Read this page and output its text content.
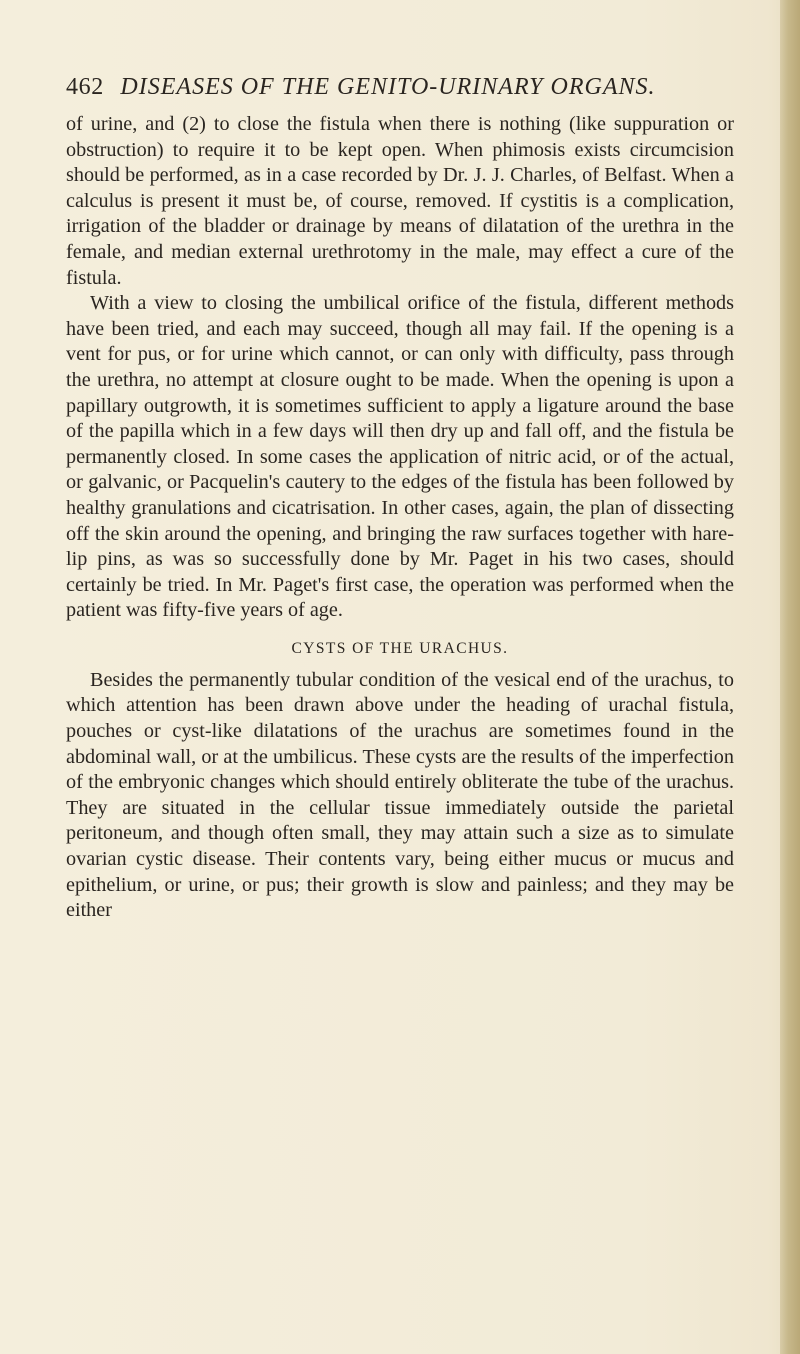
462 DISEASES OF THE GENITO-URINARY ORGANS.

of urine, and (2) to close the fistula when there is nothing (like suppuration or obstruction) to require it to be kept open. When phimosis exists circumcision should be performed, as in a case recorded by Dr. J. J. Charles, of Belfast. When a calculus is present it must be, of course, removed. If cystitis is a complication, irrigation of the bladder or drainage by means of dilatation of the urethra in the female, and median external urethrotomy in the male, may effect a cure of the fistula.

With a view to closing the umbilical orifice of the fistula, different methods have been tried, and each may succeed, though all may fail. If the opening is a vent for pus, or for urine which cannot, or can only with difficulty, pass through the urethra, no attempt at closure ought to be made. When the opening is upon a papillary outgrowth, it is sometimes sufficient to apply a ligature around the base of the papilla which in a few days will then dry up and fall off, and the fistula be permanently closed. In some cases the application of nitric acid, or of the actual, or galvanic, or Pacquelin's cautery to the edges of the fistula has been followed by healthy granulations and cicatrisation. In other cases, again, the plan of dissecting off the skin around the opening, and bringing the raw surfaces together with hare-lip pins, as was so successfully done by Mr. Paget in his two cases, should certainly be tried. In Mr. Paget's first case, the operation was performed when the patient was fifty-five years of age.

CYSTS OF THE URACHUS.

Besides the permanently tubular condition of the vesical end of the urachus, to which attention has been drawn above under the heading of urachal fistula, pouches or cyst-like dilatations of the urachus are sometimes found in the abdominal wall, or at the umbilicus. These cysts are the results of the imperfection of the embryonic changes which should entirely obliterate the tube of the urachus. They are situated in the cellular tissue immediately outside the parietal peritoneum, and though often small, they may attain such a size as to simulate ovarian cystic disease. Their contents vary, being either mucus or mucus and epithelium, or urine, or pus; their growth is slow and painless; and they may be either
